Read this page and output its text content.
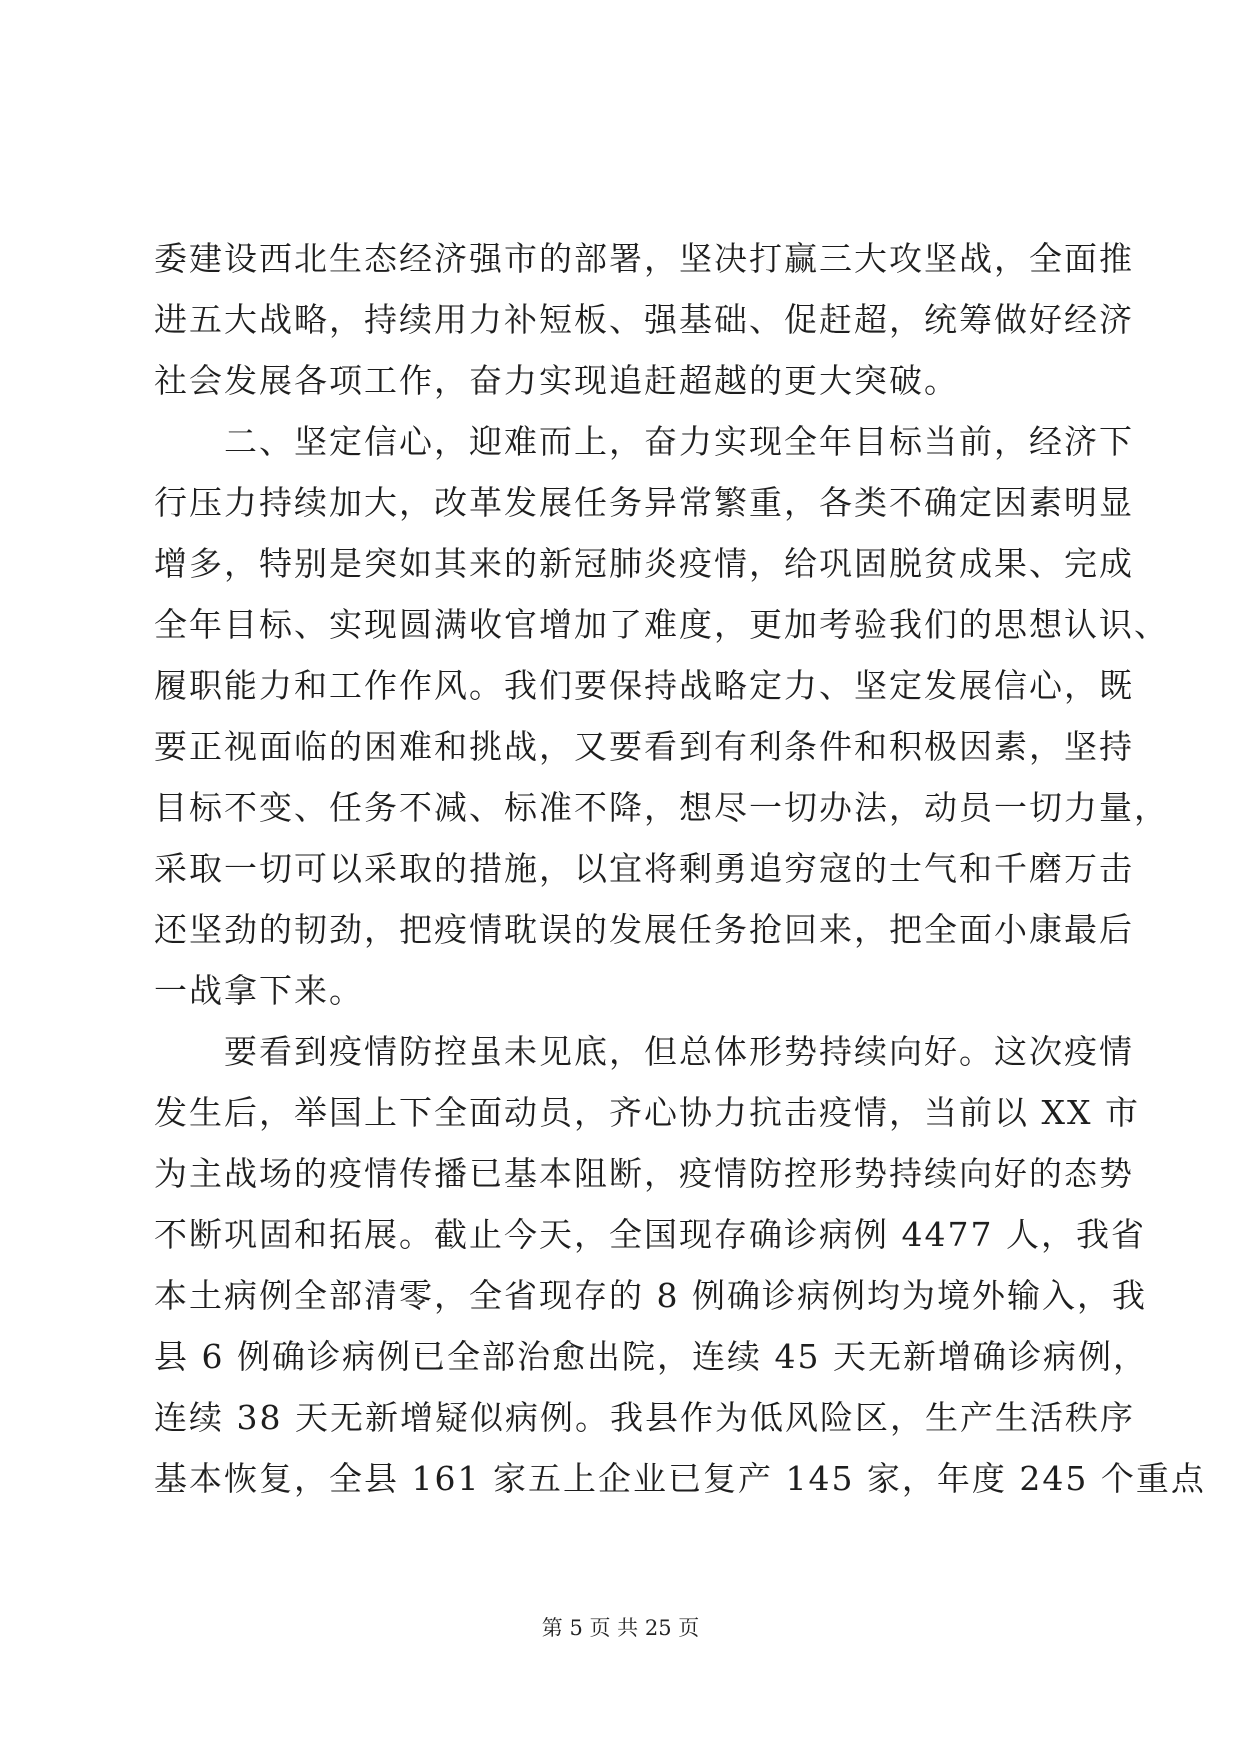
委建设西北生态经济强市的部署，坚决打赢三大攻坚战，全面推
进五大战略，持续用力补短板、强基础、促赶超，统筹做好经济
社会发展各项工作，奋力实现追赶超越的更大突破。
二、坚定信心，迎难而上，奋力实现全年目标当前，经济下
行压力持续加大，改革发展任务异常繁重，各类不确定因素明显
增多，特别是突如其来的新冠肺炎疫情，给巩固脱贫成果、完成
全年目标、实现圆满收官增加了难度，更加考验我们的思想认识、
履职能力和工作作风。我们要保持战略定力、坚定发展信心，既
要正视面临的困难和挑战，又要看到有利条件和积极因素，坚持
目标不变、任务不减、标准不降，想尽一切办法，动员一切力量，
采取一切可以采取的措施，以宜将剩勇追穷寇的士气和千磨万击
还坚劲的韧劲，把疫情耽误的发展任务抢回来，把全面小康最后
一战拿下来。
要看到疫情防控虽未见底，但总体形势持续向好。这次疫情
发生后，举国上下全面动员，齐心协力抗击疫情，当前以 XX 市
为主战场的疫情传播已基本阻断，疫情防控形势持续向好的态势
不断巩固和拓展。截止今天，全国现存确诊病例 4477 人，我省
本土病例全部清零，全省现存的 8 例确诊病例均为境外输入，我
县 6 例确诊病例已全部治愈出院，连续 45 天无新增确诊病例，
连续 38 天无新增疑似病例。我县作为低风险区，生产生活秩序
基本恢复，全县 161 家五上企业已复产 145 家，年度 245 个重点
第 5 页 共 25 页
